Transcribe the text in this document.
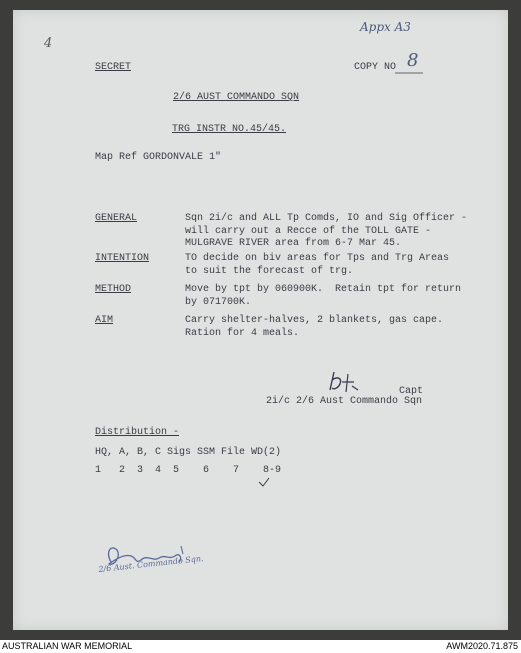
Appx A3
4
SECRET	COPY NO 8
2/6 AUST COMMANDO SQN
TRG INSTR NO.45/45.
Map Ref GORDONVALE 1"
GENERAL	Sqn 2i/c and ALL Tp Comds, IO and Sig Officer -
will carry out a Recce of the TOLL GATE -
MULGRAVE RIVER area from 6-7 Mar 45.
INTENTION	TO decide on biv areas for Tps and Trg Areas
to suit the forecast of trg.
METHOD	Move by tpt by 060900K.  Retain tpt for return
by 071700K.
AIM	Carry shelter-halves, 2 blankets, gas cape.
Ration for 4 meals.
Capt
2i/c 2/6 Aust Commando Sqn
Distribution -
HQ, A, B, C Sigs SSM File WD(2)
1   2  3  4  5    6    7    8-9
2/6 Aust. Commando Sqn.
AUSTRALIAN WAR MEMORIAL	AWM2020.71.875
